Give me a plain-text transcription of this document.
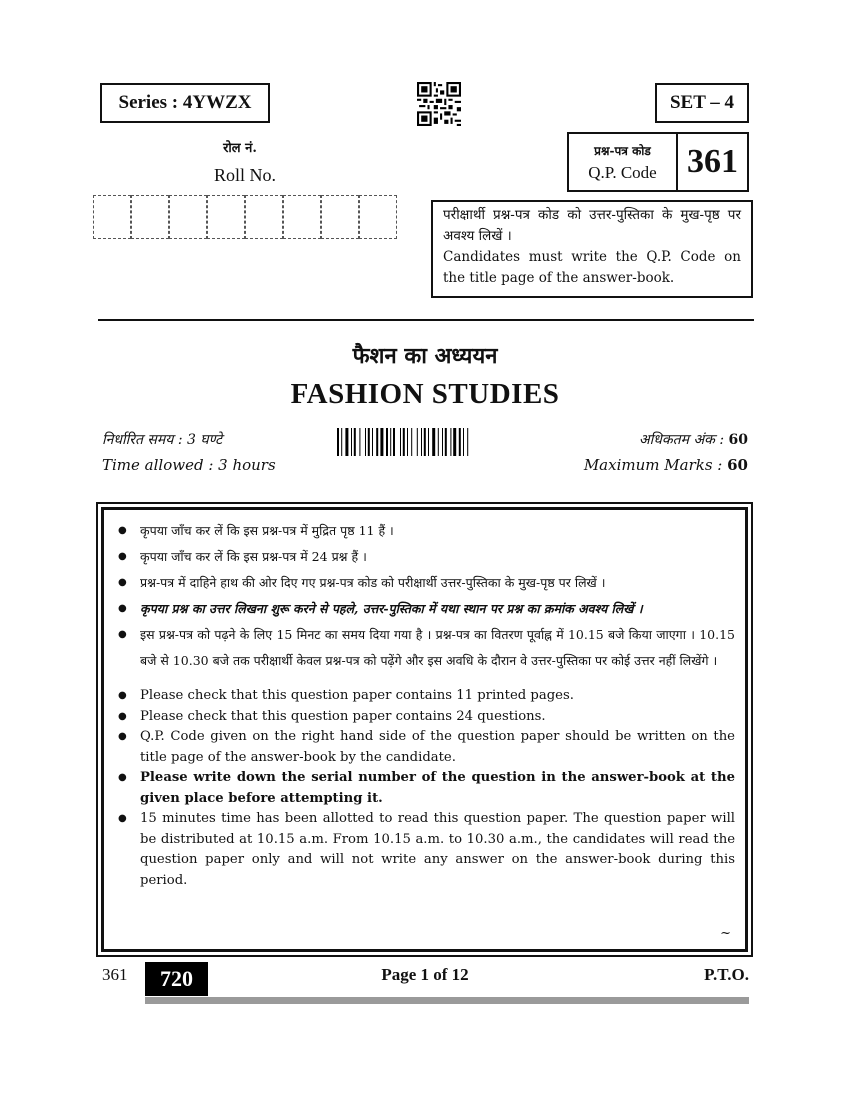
Series : 4YWZX	SET – 4
रोल नं.
Roll No.
प्रश्न-पत्र कोड
Q.P. Code 361
परीक्षार्थी प्रश्न-पत्र कोड को उत्तर-पुस्तिका के मुख-पृष्ठ पर अवश्य लिखें ।
Candidates must write the Q.P. Code on the title page of the answer-book.
फैशन का अध्ययन
FASHION STUDIES
निर्धारित समय : 3 घण्टे
Time allowed : 3 hours
अधिकतम अंक : 60
Maximum Marks : 60
● कृपया जाँच कर लें कि इस प्रश्न-पत्र में मुद्रित पृष्ठ 11 हैं ।
● कृपया जाँच कर लें कि इस प्रश्न-पत्र में 24 प्रश्न हैं ।
● प्रश्न-पत्र में दाहिने हाथ की ओर दिए गए प्रश्न-पत्र कोड को परीक्षार्थी उत्तर-पुस्तिका के मुख-पृष्ठ पर लिखें ।
● कृपया प्रश्न का उत्तर लिखना शुरू करने से पहले, उत्तर-पुस्तिका में यथा स्थान पर प्रश्न का क्रमांक अवश्य लिखें ।
● इस प्रश्न-पत्र को पढ़ने के लिए 15 मिनट का समय दिया गया है । प्रश्न-पत्र का वितरण पूर्वाह्न में 10.15 बजे किया जाएगा । 10.15 बजे से 10.30 बजे तक परीक्षार्थी केवल प्रश्न-पत्र को पढ़ेंगे और इस अवधि के दौरान वे उत्तर-पुस्तिका पर कोई उत्तर नहीं लिखेंगे ।
● Please check that this question paper contains 11 printed pages.
● Please check that this question paper contains 24 questions.
● Q.P. Code given on the right hand side of the question paper should be written on the title page of the answer-book by the candidate.
● Please write down the serial number of the question in the answer-book at the given place before attempting it.
● 15 minutes time has been allotted to read this question paper. The question paper will be distributed at 10.15 a.m. From 10.15 a.m. to 10.30 a.m., the candidates will read the question paper only and will not write any answer on the answer-book during this period.
~
361	720	Page 1 of 12	P.T.O.
